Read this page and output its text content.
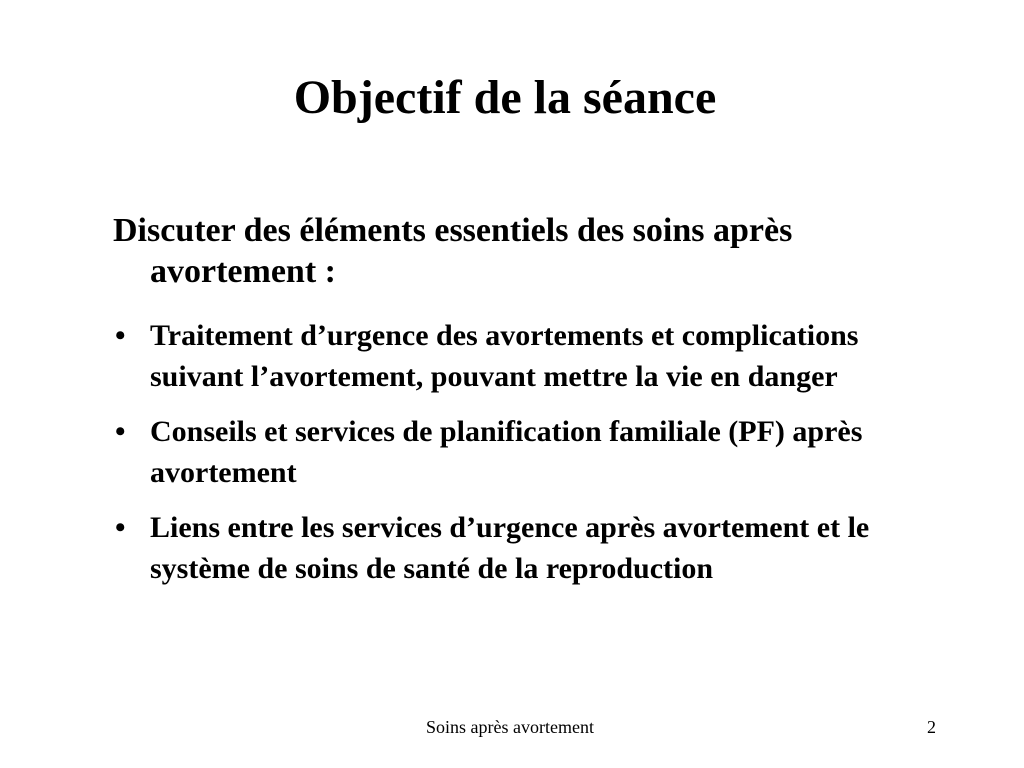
Objectif de la séance

Discuter des éléments essentiels des soins après avortement :

• Traitement d’urgence des avortements et complications suivant l’avortement, pouvant mettre la vie en danger
• Conseils et services de planification familiale (PF) après avortement
• Liens entre les services d’urgence après avortement et le système de soins de santé de la reproduction
Soins après avortement	2
